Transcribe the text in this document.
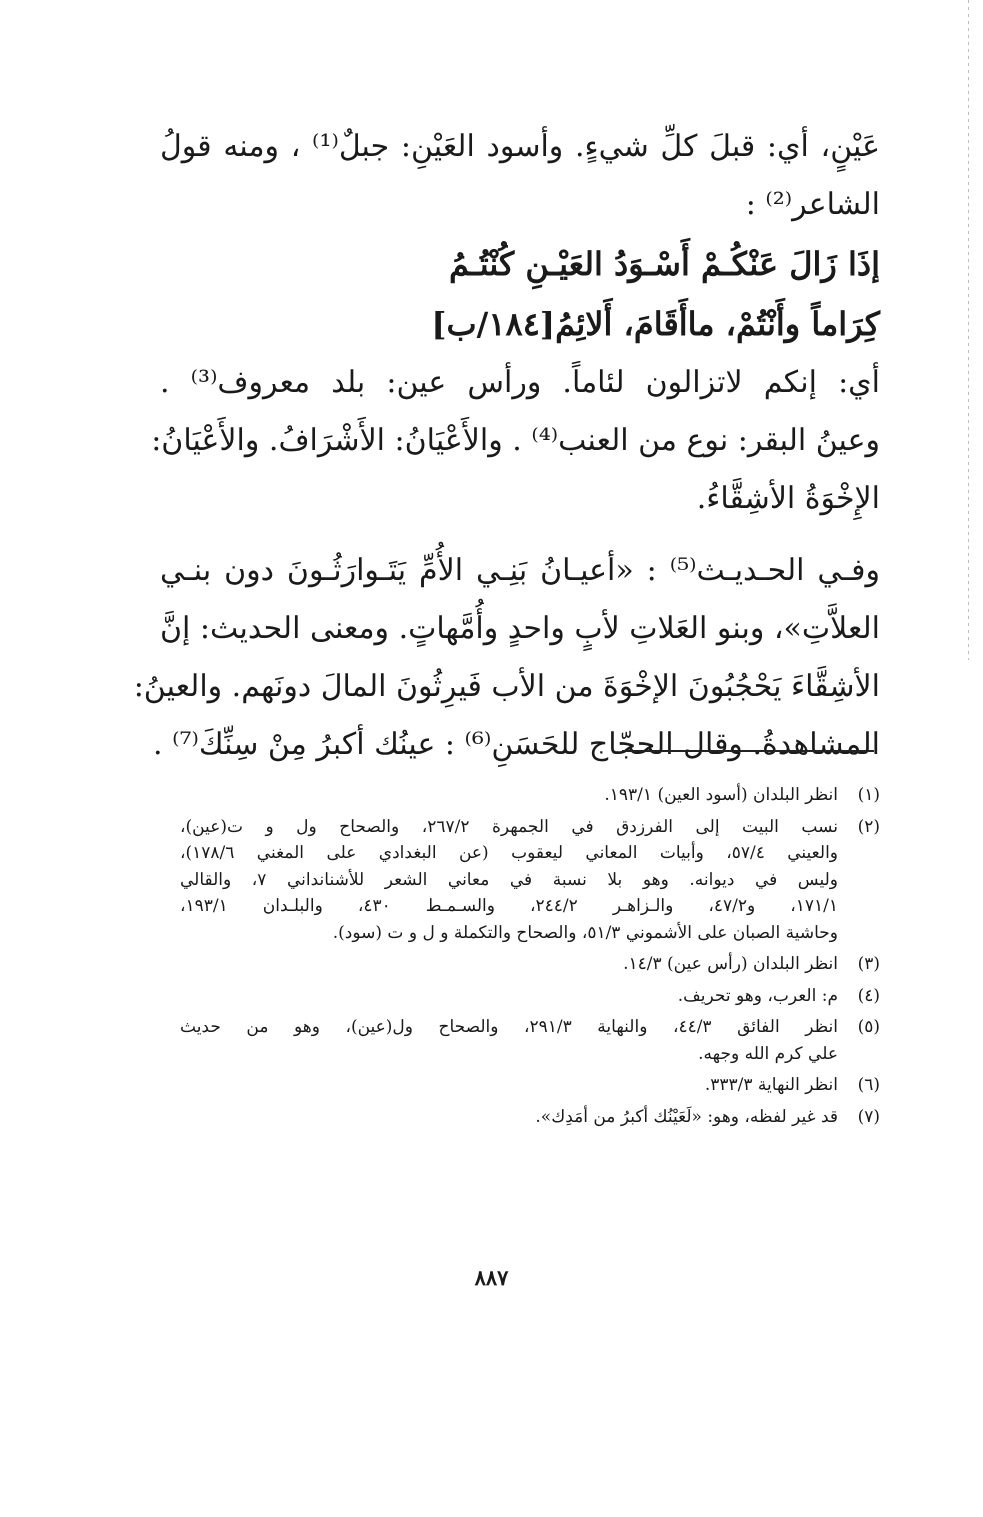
عَيْنٍ، أي: قبلَ كلِّ شيءٍ. وأسود العَيْنِ: جبلٌ⁽¹⁾ ، ومنه قولُ
الشاعر⁽²⁾ :
إذَا زَالَ عَنْكُـمْ أَسْـوَدُ العَيْـنِ كُنْتُـمُ
كِرَاماً وأَنْتُمْ، ماأَقَامَ، أَلائِمُ[١٨٤/ب]
أي: إنكم لاتزالون لئاماً. ورأس عين: بلد معروف⁽³⁾ .
وعينُ البقر: نوع من العنب⁽⁴⁾ . والأَعْيَانُ: الأَشْرَافُ. والأَعْيَانُ:
الإِخْوَةُ الأشِقَّاءُ.
وفـي الحـديـث⁽⁵⁾ : «أعيـانُ بَنِـي الأُمِّ يَتَـوارَثُـونَ دون بنـي
العلاَّتِ»، وبنو العَلاتِ لأبٍ واحدٍ وأُمَّهاتٍ. ومعنى الحديث: إنَّ
الأشِقَّاءَ يَحْجُبُونَ الإخْوَةَ من الأب فَيرِثُونَ المالَ دونَهم. والعينُ:
المشاهدةُ. وقال الحجّاج للحَسَنِ⁽⁶⁾ : عينُك أكبرُ مِنْ سِنِّكَ⁽⁷⁾ .
(١)
انظر البلدان (أسود العين) ١٩٣/١.
(٢)
نسب البيت إلى الفرزدق في الجمهرة ٢٦٧/٢، والصحاح ول و ت(عين)،
والعيني ٥٧/٤، وأبيات المعاني ليعقوب (عن البغدادي على المغني ١٧٨/٦)،
وليس في ديوانه. وهو بلا نسبة في معاني الشعر للأشنانداني ٧، والقالي
١٧١/١، و٤٧/٢، والـزاهـر ٢٤٤/٢، والسـمـط ٤٣٠، والبلـدان ١٩٣/١،
وحاشية الصبان على الأشموني ٥١/٣، والصحاح والتكملة و ل و ت (سود).
(٣)
انظر البلدان (رأس عين) ١٤/٣.
(٤)
م: العرب، وهو تحريف.
(٥)
انظر الفائق ٤٤/٣، والنهاية ٢٩١/٣، والصحاح ول(عين)، وهو من حديث
علي كرم الله وجهه.
(٦)
انظر النهاية ٣٣٣/٣.
(٧)
قد غير لفظه، وهو: «لَعَيْنُك أكبرُ من أمَدِك».
٨٨٧
